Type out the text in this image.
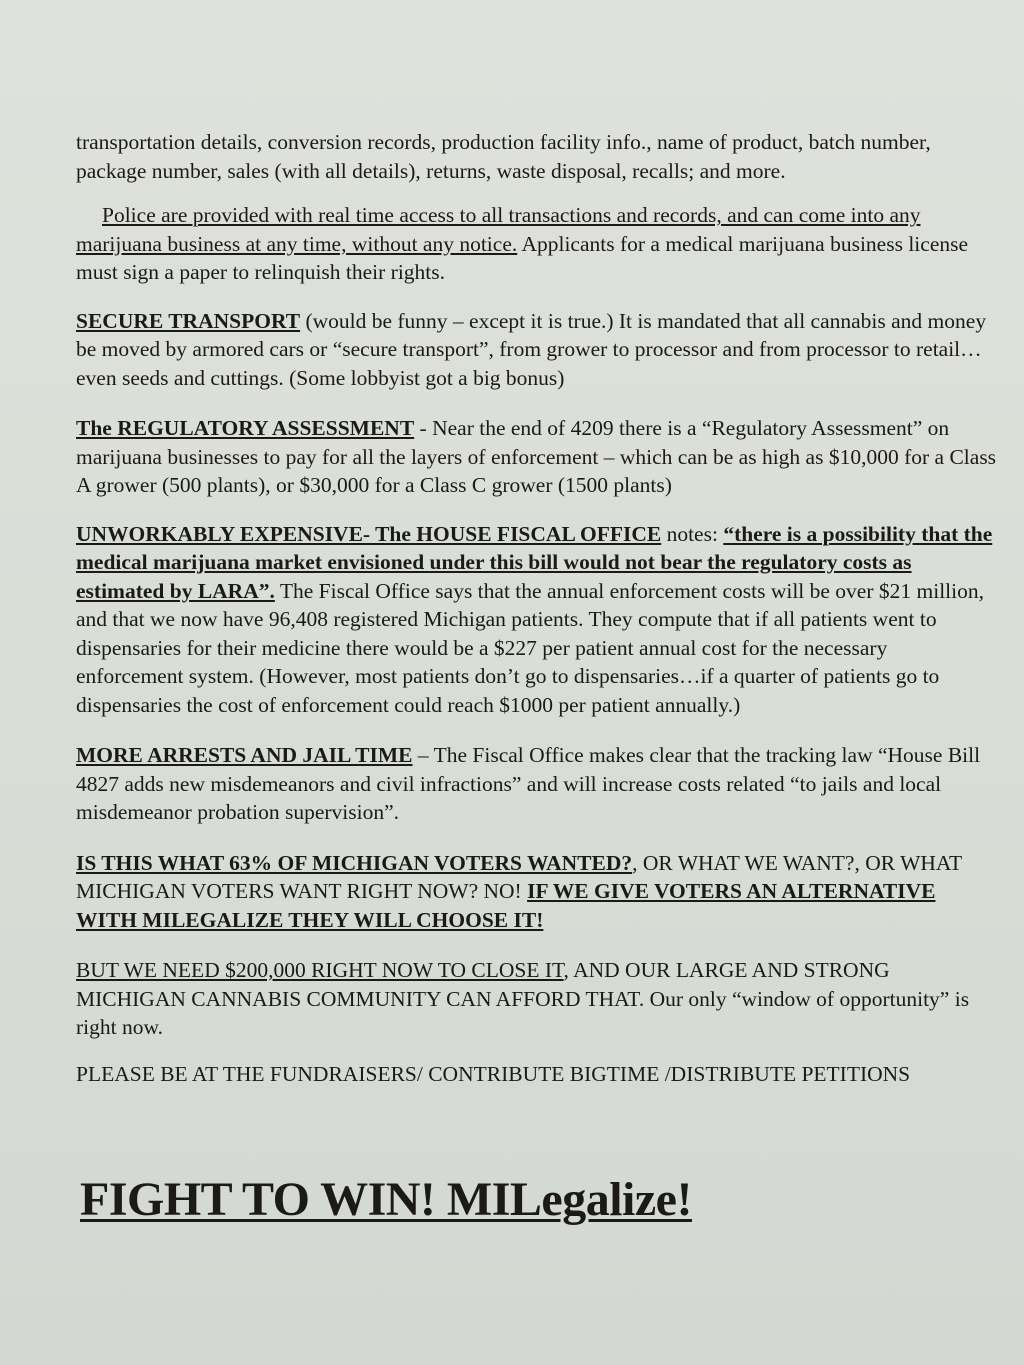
transportation details, conversion records, production facility info., name of product, batch number, package number, sales (with all details), returns, waste disposal, recalls; and more.

Police are provided with real time access to all transactions and records, and can come into any marijuana business at any time, without any notice. Applicants for a medical marijuana business license must sign a paper to relinquish their rights.

SECURE TRANSPORT (would be funny – except it is true.) It is mandated that all cannabis and money be moved by armored cars or “secure transport”, from grower to processor and from processor to retail…even seeds and cuttings. (Some lobbyist got a big bonus)

The REGULATORY ASSESSMENT - Near the end of 4209 there is a “Regulatory Assessment” on marijuana businesses to pay for all the layers of enforcement – which can be as high as $10,000 for a Class A grower (500 plants), or $30,000 for a Class C grower (1500 plants)

UNWORKABLY EXPENSIVE- The HOUSE FISCAL OFFICE notes: “there is a possibility that the medical marijuana market envisioned under this bill would not bear the regulatory costs as estimated by LARA”. The Fiscal Office says that the annual enforcement costs will be over $21 million, and that we now have 96,408 registered Michigan patients. They compute that if all patients went to dispensaries for their medicine there would be a $227 per patient annual cost for the necessary enforcement system. (However, most patients don’t go to dispensaries…if a quarter of patients go to dispensaries the cost of enforcement could reach $1000 per patient annually.)

MORE ARRESTS AND JAIL TIME – The Fiscal Office makes clear that the tracking law “House Bill 4827 adds new misdemeanors and civil infractions” and will increase costs related “to jails and local misdemeanor probation supervision”.

IS THIS WHAT 63% OF MICHIGAN VOTERS WANTED?, OR WHAT WE WANT?, OR WHAT MICHIGAN VOTERS WANT RIGHT NOW? NO! IF WE GIVE VOTERS AN ALTERNATIVE WITH MILEGALIZE THEY WILL CHOOSE IT!

BUT WE NEED $200,000 RIGHT NOW TO CLOSE IT, AND OUR LARGE AND STRONG MICHIGAN CANNABIS COMMUNITY CAN AFFORD THAT. Our only “window of opportunity” is right now.

PLEASE BE AT THE FUNDRAISERS/ CONTRIBUTE BIGTIME /DISTRIBUTE PETITIONS

FIGHT TO WIN! MILegalize!
